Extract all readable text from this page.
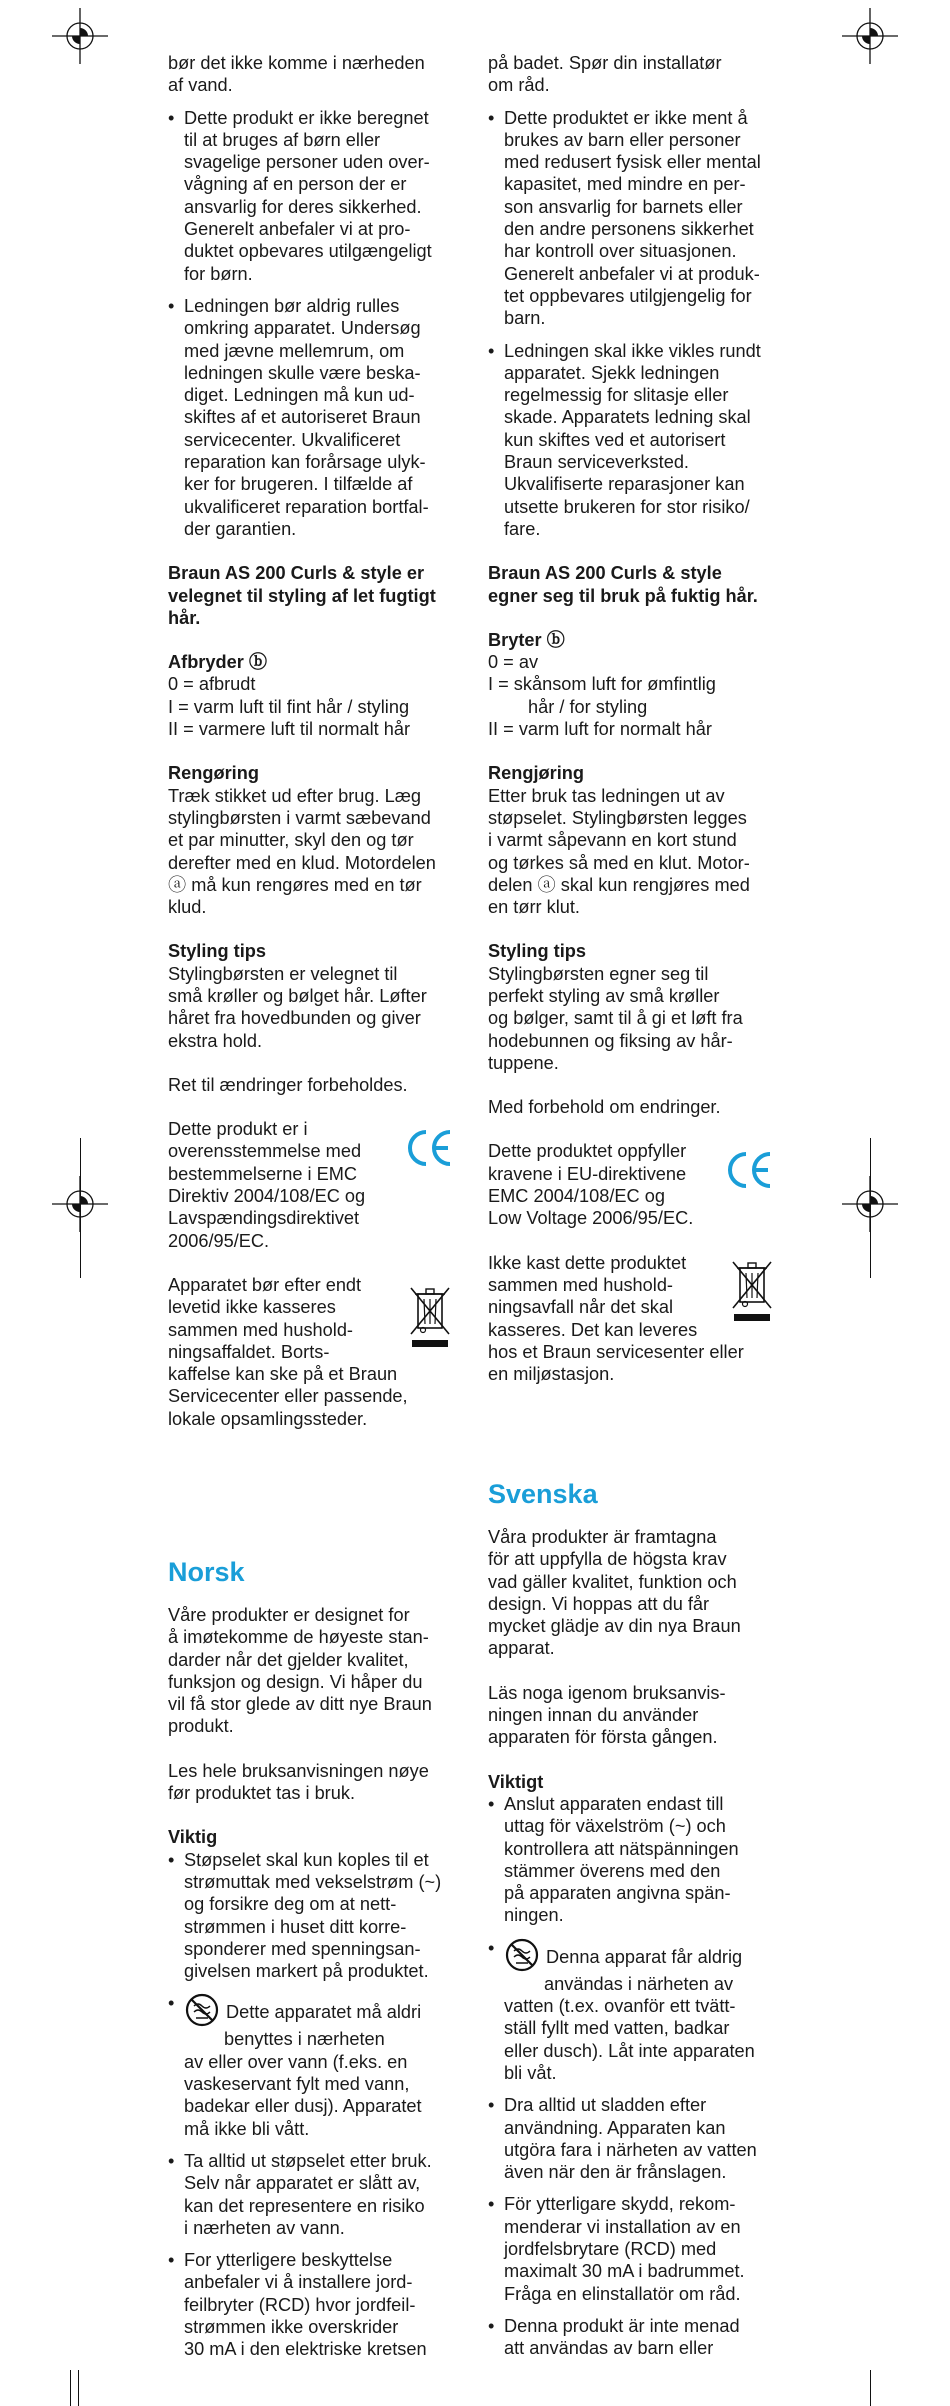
bør det ikke komme i nærheden

af vand.

• Dette produkt er ikke beregnet

til at bruges af børn eller

svagelige personer uden over-

vågning af en person der er

ansvarlig for deres sikkerhed.

Generelt anbefaler vi at pro-

duktet opbevares utilgængeligt

for børn.

• Ledningen bør aldrig rulles

omkring apparatet. Undersøg

med jævne mellemrum, om

ledningen skulle være beska-

diget. Ledningen må kun ud-

skiftes af et autoriseret Braun

servicecenter. Ukvalificeret

reparation kan forårsage ulyk-

ker for brugeren. I tilfælde af

ukvalificeret reparation bortfal-

der garantien.

Braun AS 200 Curls & style er

velegnet til styling af let fugtigt

hår.

Afbryder ⓑ

0 = afbrudt

I = varm luft til fint hår / styling

II = varmere luft til normalt hår

Rengøring

Træk stikket ud efter brug. Læg

stylingbørsten i varmt sæbevand

et par minutter, skyl den og tør

derefter med en klud. Motordelen

ⓐ må kun rengøres med en tør

klud.

Styling tips

Stylingbørsten er velegnet til

små krøller og bølget hår. Løfter

håret fra hovedbunden og giver

ekstra hold.

Ret til ændringer forbeholdes.

Dette produkt er i

overensstemmelse med

bestemmelserne i EMC

Direktiv 2004/108/EC og

Lavspændingsdirektivet

2006/95/EC.

Apparatet bør efter endt

levetid ikke kasseres

sammen med hushold-

ningsaffaldet. Borts-

kaffelse kan ske på et Braun

Servicecenter eller passende,

lokale opsamlingssteder.

på badet. Spør din installatør

om råd.

• Dette produktet er ikke ment å

brukes av barn eller personer

med redusert fysisk eller mental

kapasitet, med mindre en per-

son ansvarlig for barnets eller

den andre personens sikkerhet

har kontroll over situasjonen.

Generelt anbefaler vi at produk-

tet oppbevares utilgjengelig for

barn.

• Ledningen skal ikke vikles rundt

apparatet. Sjekk ledningen

regelmessig for slitasje eller

skade. Apparatets ledning skal

kun skiftes ved et autorisert

Braun serviceverksted.

Ukvalifiserte reparasjoner kan

utsette brukeren for stor risiko/

fare.

Braun AS 200 Curls & style

egner seg til bruk på fuktig hår.

Bryter ⓑ

0 = av

I = skånsom luft for ømfintlig

hår / for styling

II = varm luft for normalt hår

Rengjøring

Etter bruk tas ledningen ut av

støpselet. Stylingbørsten legges

i varmt såpevann en kort stund

og tørkes så med en klut. Motor-

delen ⓐ skal kun rengjøres med

en tørr klut.

Styling tips

Stylingbørsten egner seg til

perfekt styling av små krøller

og bølger, samt til å gi et løft fra

hodebunnen og fiksing av hår-

tuppene.

Med forbehold om endringer.

Dette produktet oppfyller

kravene i EU-direktivene

EMC 2004/108/EC og

Low Voltage 2006/95/EC.

Ikke kast dette produktet

sammen med hushold-

ningsavfall når det skal

kasseres. Det kan leveres

hos et Braun servicesenter eller

en miljøstasjon.

Norsk

Våre produkter er designet for

å imøtekomme de høyeste stan-

darder når det gjelder kvalitet,

funksjon og design. Vi håper du

vil få stor glede av ditt nye Braun

produkt.

Les hele bruksanvisningen nøye

før produktet tas i bruk.

Viktig

• Støpselet skal kun koples til et

strømuttak med vekselstrøm (~)

og forsikre deg om at nett-

strømmen i huset ditt korre-

sponderer med spenningsan-

givelsen markert på produktet.

• Dette apparatet må aldri

benyttes i nærheten

av eller over vann (f.eks. en

vaskeservant fylt med vann,

badekar eller dusj). Apparatet

må ikke bli vått.

• Ta alltid ut støpselet etter bruk.

Selv når apparatet er slått av,

kan det representere en risiko

i nærheten av vann.

• For ytterligere beskyttelse

anbefaler vi å installere jord-

feilbryter (RCD) hvor jordfeil-

strømmen ikke overskrider

30 mA i den elektriske kretsen

Svenska

Våra produkter är framtagna

för att uppfylla de högsta krav

vad gäller kvalitet, funktion och

design. Vi hoppas att du får

mycket glädje av din nya Braun

apparat.

Läs noga igenom bruksanvis-

ningen innan du använder

apparaten för första gången.

Viktigt

• Anslut apparaten endast till

uttag för växelström (~) och

kontrollera att nätspänningen

stämmer överens med den

på apparaten angivna spän-

ningen.

• Denna apparat får aldrig

användas i närheten av

vatten (t.ex. ovanför ett tvätt-

ställ fyllt med vatten, badkar

eller dusch). Låt inte apparaten

bli våt.

• Dra alltid ut sladden efter

användning. Apparaten kan

utgöra fara i närheten av vatten

även när den är frånslagen.

• För ytterligare skydd, rekom-

menderar vi installation av en

jordfelsbrytare (RCD) med

maximalt 30 mA i badrummet.

Fråga en elinstallatör om råd.

• Denna produkt är inte menad

att användas av barn eller
